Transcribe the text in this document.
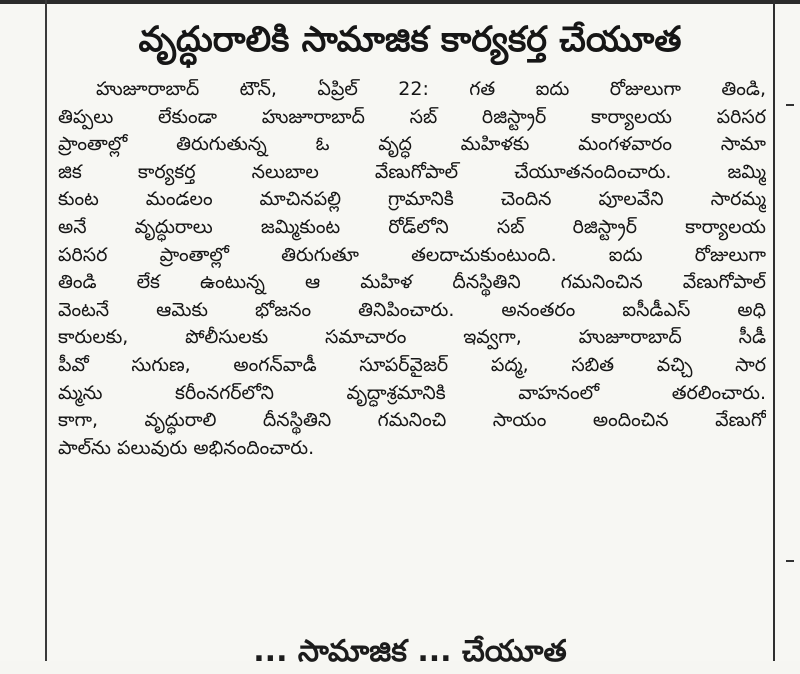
వృద్ధురాలికి సామాజిక కార్యకర్త చేయూత
హుజూరాబాద్ టౌన్, ఏప్రిల్ 22: గత ఐదు రోజులుగా తిండి,
తిప్పలు లేకుండా హుజూరాబాద్ సబ్ రిజిస్ట్రార్ కార్యాలయ పరిసర
ప్రాంతాల్లో తిరుగుతున్న ఓ వృద్ధ మహిళకు మంగళవారం సామా
జిక కార్యకర్త నలుబాల వేణుగోపాల్ చేయూతనందించారు. జమ్మి
కుంట మండలం మాచినపల్లి గ్రామానికి చెందిన పూలవేని సారమ్మ
అనే వృద్ధురాలు జమ్మికుంట రోడ్‌లోని సబ్ రిజిస్ట్రార్ కార్యాలయ
పరిసర ప్రాంతాల్లో తిరుగుతూ తలదాచుకుంటుంది. ఐదు రోజులుగా
తిండి లేక ఉంటున్న ఆ మహిళ దీనస్థితిని గమనించిన వేణుగోపాల్
వెంటనే ఆమెకు భోజనం తినిపించారు. అనంతరం ఐసీడీఎస్ అధి
కారులకు, పోలీసులకు సమాచారం ఇవ్వగా, హుజూరాబాద్ సీడీ
పీవో సుగుణ, అంగన్‌వాడీ సూపర్‌వైజర్ పద్మ, సబిత వచ్చి సార
మ్మను కరీంనగర్‌లోని వృద్ధాశ్రమానికి వాహనంలో తరలించారు.
కాగా, వృద్ధురాలి దీనస్థితిని గమనించి సాయం అందించిన వేణుగో
పాల్‌ను పలువురు అభినందించారు.
... సామాజిక ... చేయూత
